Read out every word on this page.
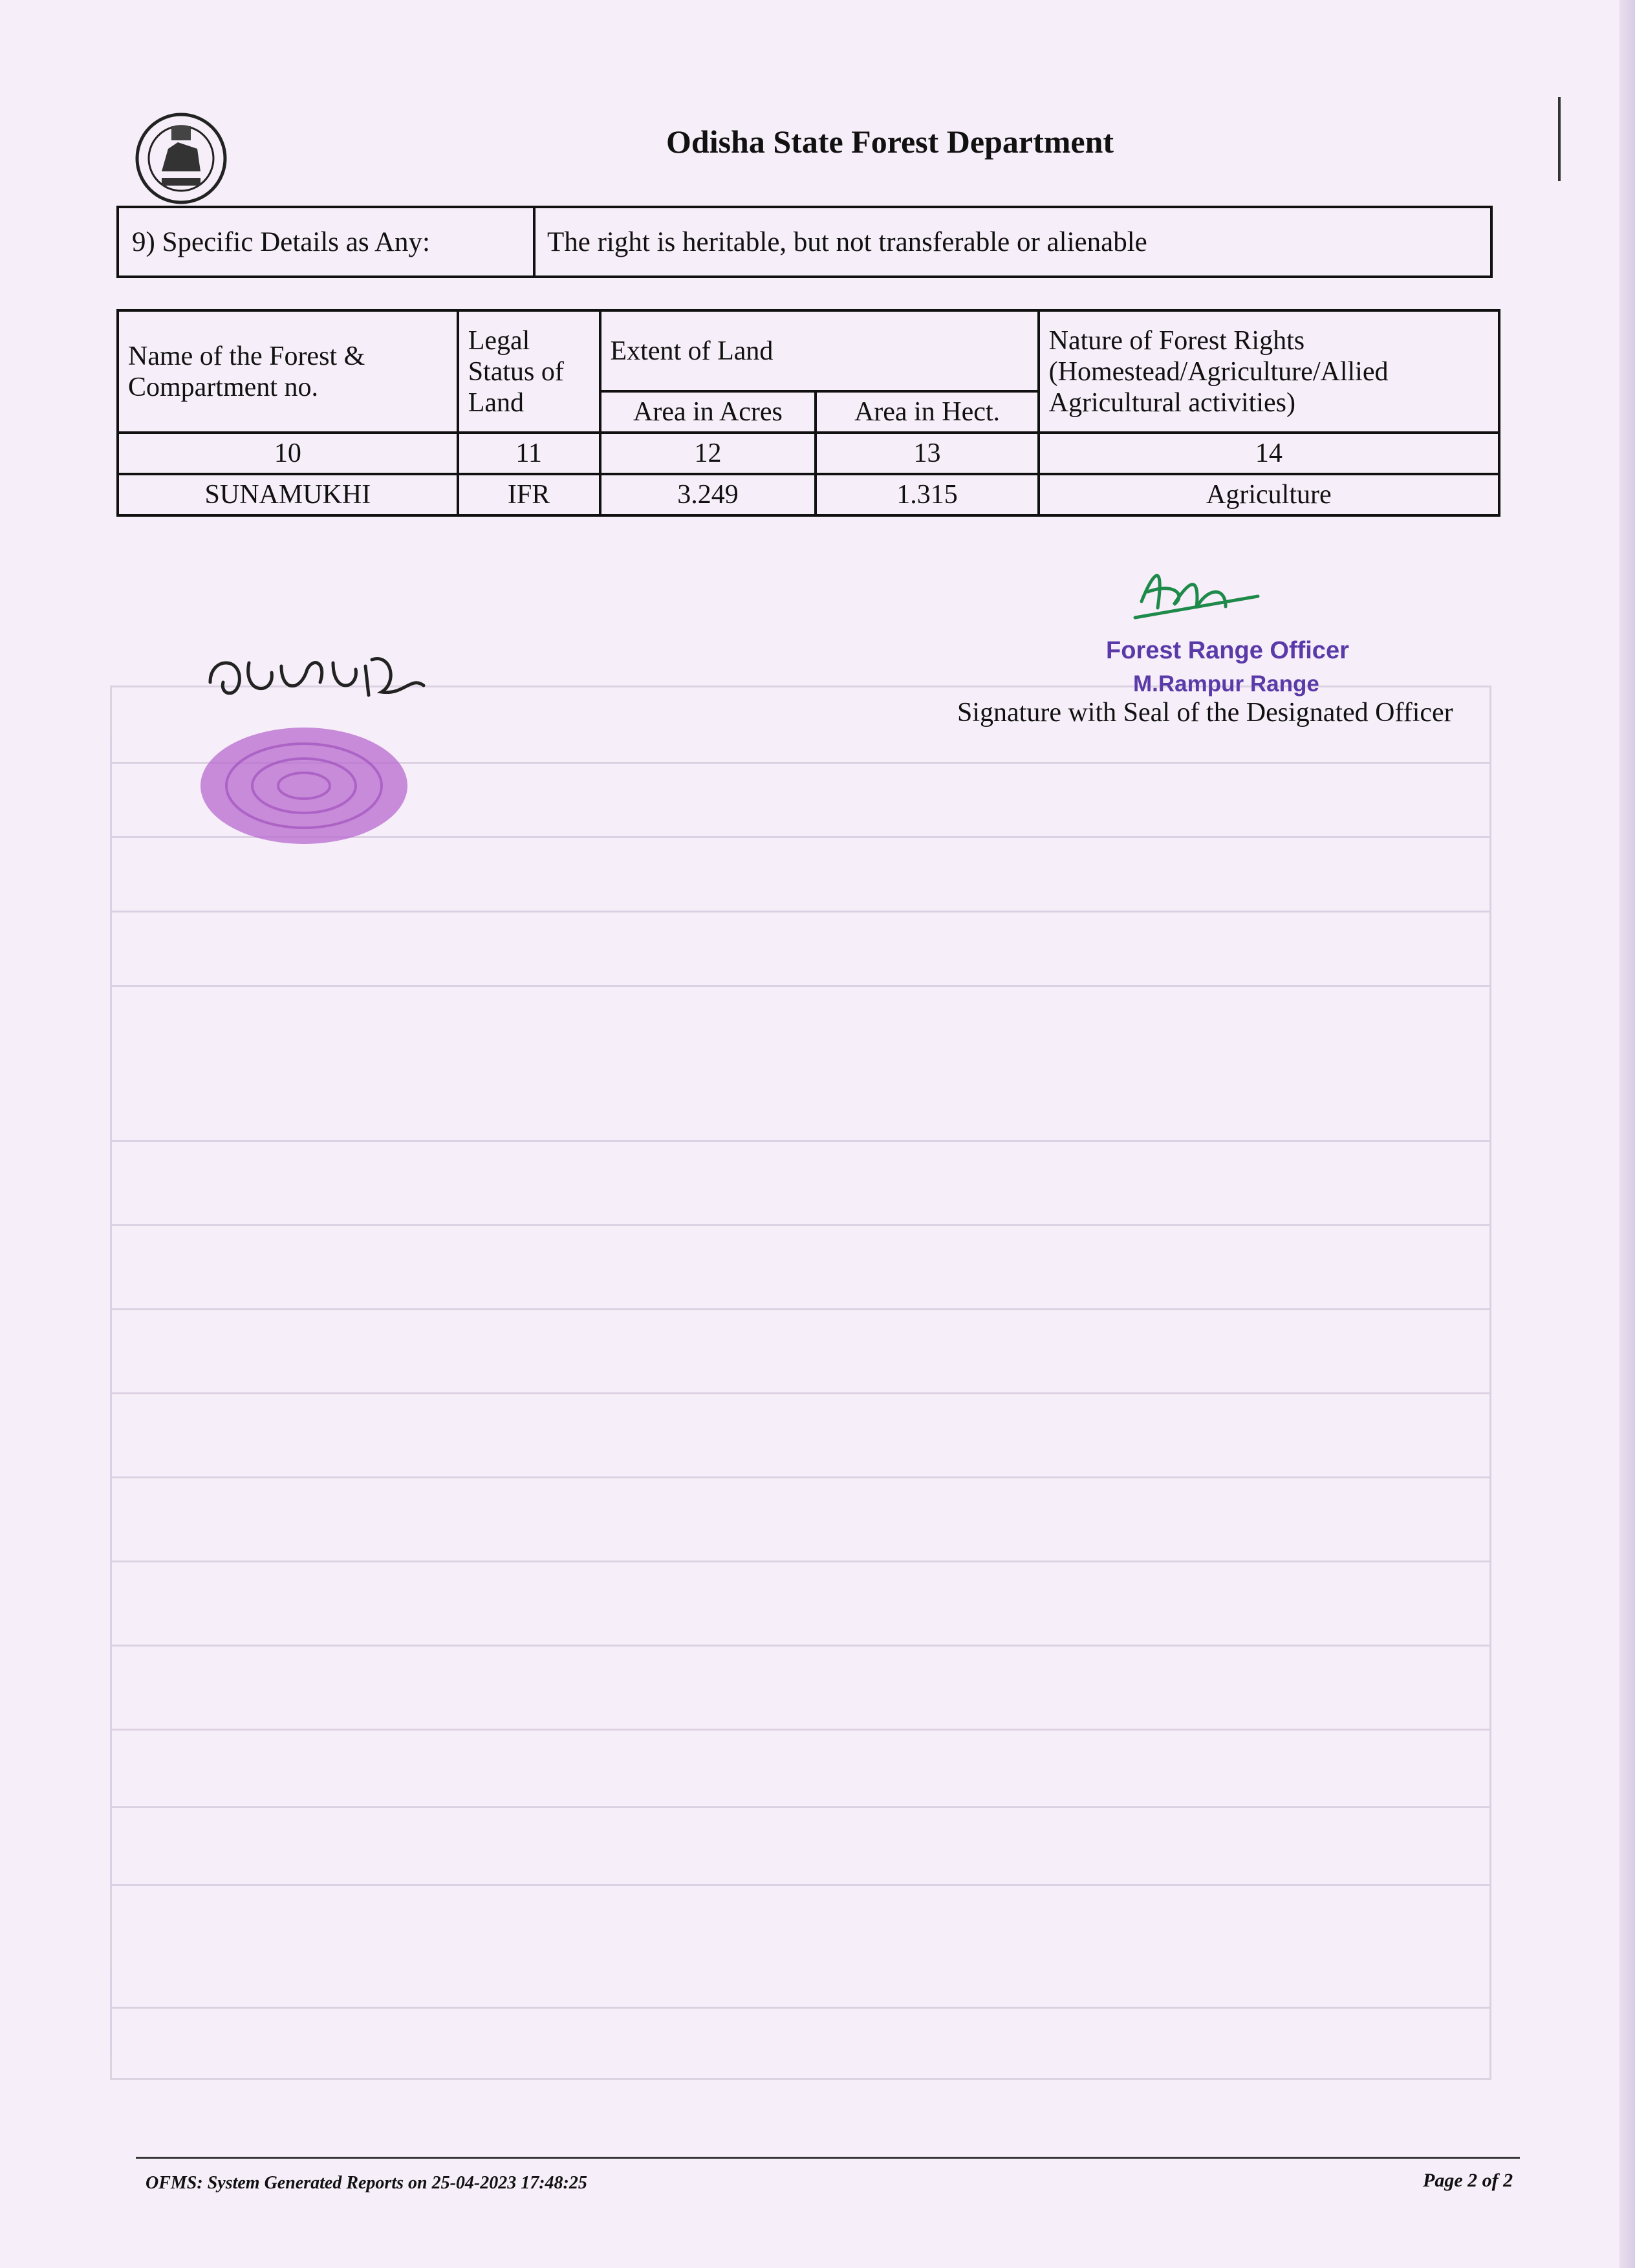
Odisha State Forest Department
9) Specific Details as Any:	The right is heritable, but not transferable or alienable
Name of the Forest & Compartment no.	Legal Status of Land	Extent of Land		Nature of Forest Rights (Homestead/Agriculture/Allied Agricultural activities)
		Area in Acres	Area in Hect.	
10	11	12	13	14
SUNAMUKHI	IFR	3.249	1.315	Agriculture
Forest Range Officer
M.Rampur Range
Signature with Seal of the Designated Officer
OFMS: System Generated Reports on 25-04-2023 17:48:25	Page 2 of 2
